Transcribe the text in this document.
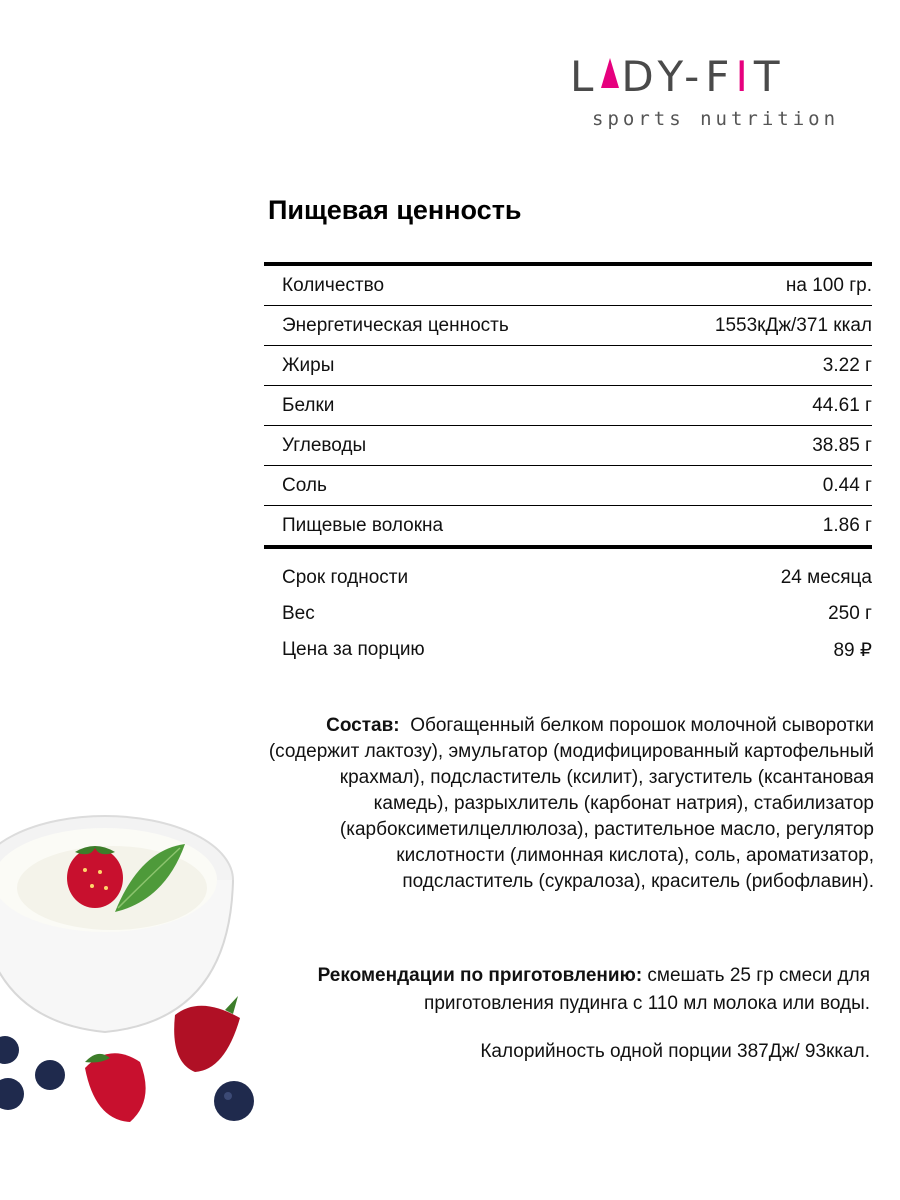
L DY-FIT
sports nutrition
Пищевая ценность
Количество	на 100 гр.
Энергетическая ценность	1553кДж/371 ккал
Жиры	3.22 г
Белки	44.61 г
Углеводы	38.85 г
Соль	0.44 г
Пищевые волокна	1.86 г
Срок годности	24 месяца
Вес	250 г
Цена за порцию	89 ₽
Состав: Обогащенный белком порошок молочной сыворотки (содержит лактозу), эмульгатор (модифицированный картофельный крахмал), подсластитель (ксилит), загуститель (ксантановая камедь), разрыхлитель (карбонат натрия), стабилизатор (карбоксиметилцеллюлоза), растительное масло, регулятор кислотности (лимонная кислота), соль, ароматизатор, подсластитель (сукралоза), краситель (рибофлавин).
Рекомендации по приготовлению: смешать 25 гр смеси для приготовления пудинга с 110 мл молока или воды.
Калорийность одной порции 387Дж/ 93ккал.
